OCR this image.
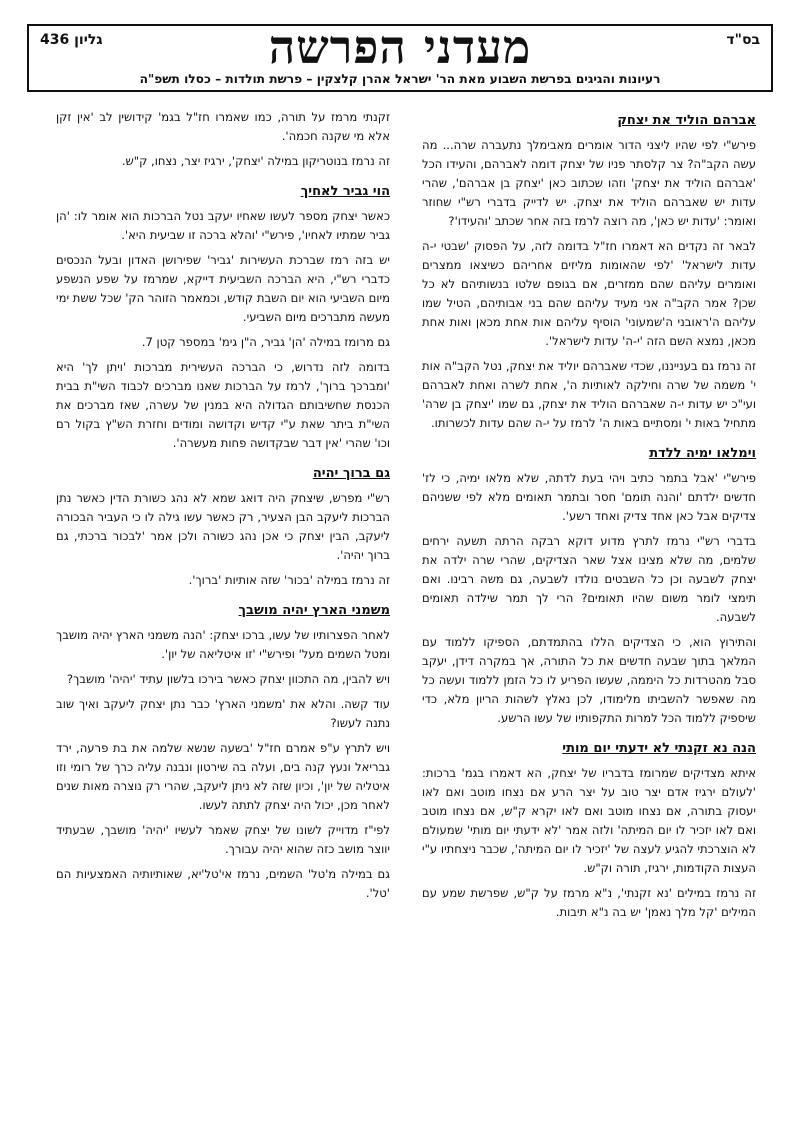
בס"ד
גליון 436	מעדני הפרשה
רעיונות והגיגים בפרשת השבוע מאת הר' ישראל אהרן קלצקין – פרשת תולדות – כסלו תשפ"ה
אברהם הוליד את יצחק

פירש"י לפי שהיו ליצני הדור אומרים מאבימלך נתעברה שרה... מה עשה הקב"ה? צר קלסתר פניו של יצחק דומה לאברהם, והעידו הכל 'אברהם הוליד את יצחק' וזהו שכתוב כאן 'יצחק בן אברהם', שהרי עדות יש שאברהם הוליד את יצחק. יש לדייק בדברי רש"י שחוזר ואומר: 'עדות יש כאן', מה רוצה לרמז בזה אחר שכתב 'והעידו'?

לבאר זה נקדים הא דאמרו חז"ל בדומה לזה, על הפסוק 'שבטי י-ה עדות לישראל' 'לפי שהאומות מליזים אחריהם כשיצאו ממצרים ואומרים עליהם שהם ממזרים, אם בגופם שלטו בנשותיהם לא כל שכן? אמר הקב"ה אני מעיד עליהם שהם בני אבותיהם, הטיל שמו עליהם ה'ראובני ה'שמעוני' הוסיף עליהם אות אחת מכאן ואות אחת מכאן, נמצא השם הזה 'י-ה' עדות לישראל'.

זה נרמז גם בענייננו, שכדי שאברהם יוליד את יצחק, נטל הקב"ה אות י' משמה של שרה וחילקה לאותיות ה', אחת לשרה ואחת לאברהם ועי"כ יש עדות י-ה שאברהם הוליד את יצחק, גם שמו 'יצחק בן שרה' מתחיל באות י' ומסתיים באות ה' לרמז על י-ה שהם עדות לכשרותו.

וימלאו ימיה ללדת

פירש"י 'אבל בתמר כתיב ויהי בעת לדתה, שלא מלאו ימיה, כי לז' חדשים ילדתם 'והנה תומם' חסר ובתמר תאומים מלא לפי ששניהם צדיקים אבל כאן אחד צדיק ואחד רשע'.

בדברי רש"י נרמז לתרץ מדוע דוקא רבקה הרתה תשעה ירחים שלמים, מה שלא מצינו אצל שאר הצדיקים, שהרי שרה ילדה את יצחק לשבעה וכן כל השבטים נולדו לשבעה, גם משה רבינו. ואם תימצי לומר משום שהיו תאומים? הרי לך תמר שילדה תאומים לשבעה.

והתירוץ הוא, כי הצדיקים הללו בהתמדתם, הספיקו ללמוד עם המלאך בתוך שבעה חדשים את כל התורה, אך במקרה דידן, יעקב סבל מהטרדות כל היממה, שעשו הפריע לו כל הזמן ללמוד ועשה כל מה שאפשר להשביתו מלימודו, לכן נאלץ לשהות הריון מלא, כדי שיספיק ללמוד הכל למרות התקפותיו של עשו הרשע.

הנה נא זקנתי לא ידעתי יום מותי

איתא מצדיקים שמרומז בדבריו של יצחק, הא דאמרו בגמ' ברכות: 'לעולם ירגיז אדם יצר טוב על יצר הרע אם נצחו מוטב ואם לאו יעסוק בתורה, אם נצחו מוטב ואם לאו יקרא ק"ש, אם נצחו מוטב ואם לאו יזכיר לו יום המיתה' ולזה אמר 'לא ידעתי יום מותי' שמעולם לא הוצרכתי להגיע לעצה של 'יזכיר לו יום המיתה', שכבר ניצחתיו ע"י העצות הקודמות, ירגיז, תורה וק"ש.

זה נרמז במילים 'נא זקנתי', נ"א מרמז על ק"ש, שפרשת שמע עם המילים 'קל מלך נאמן' יש בה נ"א תיבות.

זקנתי מרמז על תורה, כמו שאמרו חז"ל בגמ' קידושין לב 'אין זקן אלא מי שקנה חכמה'.

זה נרמז בנוטריקון במילה 'יצחק', ירגיז יצר, נצחו, ק"ש.

הוי גביר לאחיך

כאשר יצחק מספר לעשו שאחיו יעקב נטל הברכות הוא אומר לו: 'הן גביר שמתיו לאחיו', פירש"י 'והלא ברכה זו שביעית היא'.

יש בזה רמז שברכת העשירות 'גביר' שפירושן האדון ובעל הנכסים כדברי רש"י, היא הברכה השביעית דייקא, שמרמז על שפע הנשפע מיום השביעי הוא יום השבת קודש, וכמאמר הזוהר הק' שכל ששת ימי מעשה מתברכים מיום השביעי.

גם מרומז במילה 'הן' גביר, ה"ן גימ' במספר קטן 7.

בדומה לזה נדרוש, כי הברכה העשירית מברכות 'ויתן לך' היא 'ומברכך ברוך', לרמז על הברכות שאנו מברכים לכבוד השי"ת בבית הכנסת שחשיבותם הגדולה היא במנין של עשרה, שאז מברכים את השי"ת ביתר שאת ע"י קדיש וקדושה ומודים וחזרת הש"ץ בקול רם וכו' שהרי 'אין דבר שבקדושה פחות מעשרה'.

גם ברוך יהיה

רש"י מפרש, שיצחק היה דואג שמא לא נהג כשורת הדין כאשר נתן הברכות ליעקב הבן הצעיר, רק כאשר עשו גילה לו כי העביר הבכורה ליעקב, הבין יצחק כי אכן נהג כשורה ולכן אמר 'לבכור ברכתי, גם ברוך יהיה'.

זה נרמז במילה 'בכור' שזה אותיות 'ברוך'.

משמני הארץ יהיה מושבך

לאחר הפצרותיו של עשו, ברכו יצחק: 'הנה משמני הארץ יהיה מושבך ומטל השמים מעל' ופירש"י 'זו איטליאה של יון'.

ויש להבין, מה התכוון יצחק כאשר בירכו בלשון עתיד 'יהיה' מושבך?

עוד קשה. והלא את 'משמני הארץ' כבר נתן יצחק ליעקב ואיך שוב נתנה לעשו?

ויש לתרץ ע"פ אמרם חז"ל 'בשעה שנשא שלמה את בת פרעה, ירד גבריאל ונעץ קנה בים, ועלה בה שירטון ונבנה עליה כרך של רומי וזו איטליה של יון', וכיון שזה לא ניתן ליעקב, שהרי רק נוצרה מאות שנים לאחר מכן, יכול היה יצחק לתתה לעשו.

לפי"ז מדוייק לשונו של יצחק שאמר לעשיו 'יהיה' מושבך, שבעתיד יווצר מושב כזה שהוא יהיה עבורך.

גם במילה מ'טל' השמים, נרמז אי'טל'יא, שאותיותיה האמצעיות הם 'טל'.
